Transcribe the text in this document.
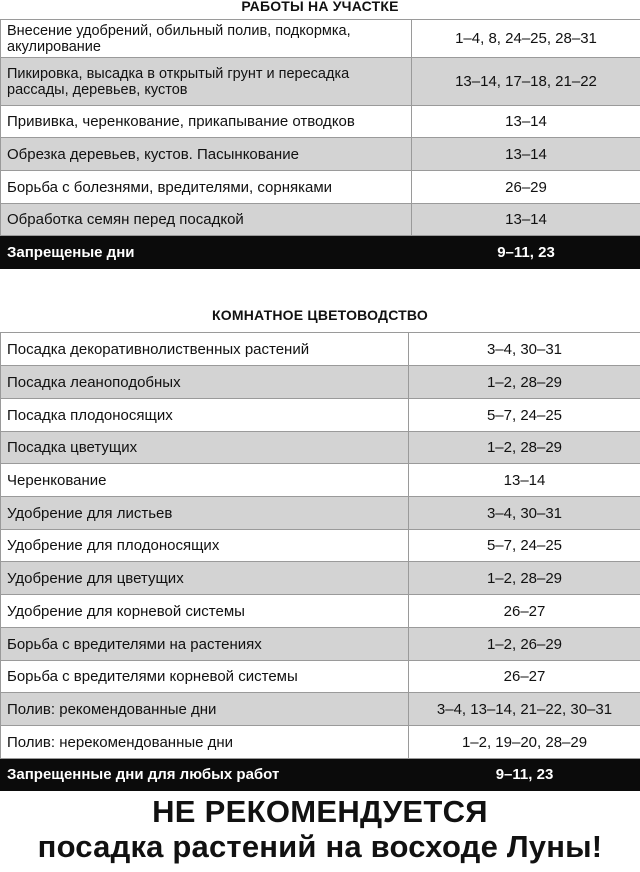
РАБОТЫ НА УЧАСТКЕ
Внесение удобрений, обильный полив, подкормка, акулирование	1–4, 8, 24–25, 28–31
Пикировка, высадка в открытый грунт и пересадка рассады, деревьев, кустов	13–14, 17–18, 21–22
Прививка, черенкование, прикапывание отводков	13–14
Обрезка деревьев, кустов. Пасынкование	13–14
Борьба с болезнями, вредителями, сорняками	26–29
Обработка семян перед посадкой	13–14
Запрещеные дни	9–11, 23
КОМНАТНОЕ ЦВЕТОВОДСТВО
Посадка декоративнолиственных растений	3–4, 30–31
Посадка леаноподобных	1–2, 28–29
Посадка плодоносящих	5–7, 24–25
Посадка цветущих	1–2, 28–29
Черенкование	13–14
Удобрение для листьев	3–4, 30–31
Удобрение для плодоносящих	5–7, 24–25
Удобрение для цветущих	1–2, 28–29
Удобрение для корневой системы	26–27
Борьба с вредителями на растениях	1–2, 26–29
Борьба с вредителями корневой системы	26–27
Полив: рекомендованные дни	3–4, 13–14, 21–22, 30–31
Полив: нерекомендованные дни	1–2, 19–20, 28–29
Запрещенные дни для любых работ	9–11, 23
НЕ РЕКОМЕНДУЕТСЯ
посадка растений на восходе Луны!
